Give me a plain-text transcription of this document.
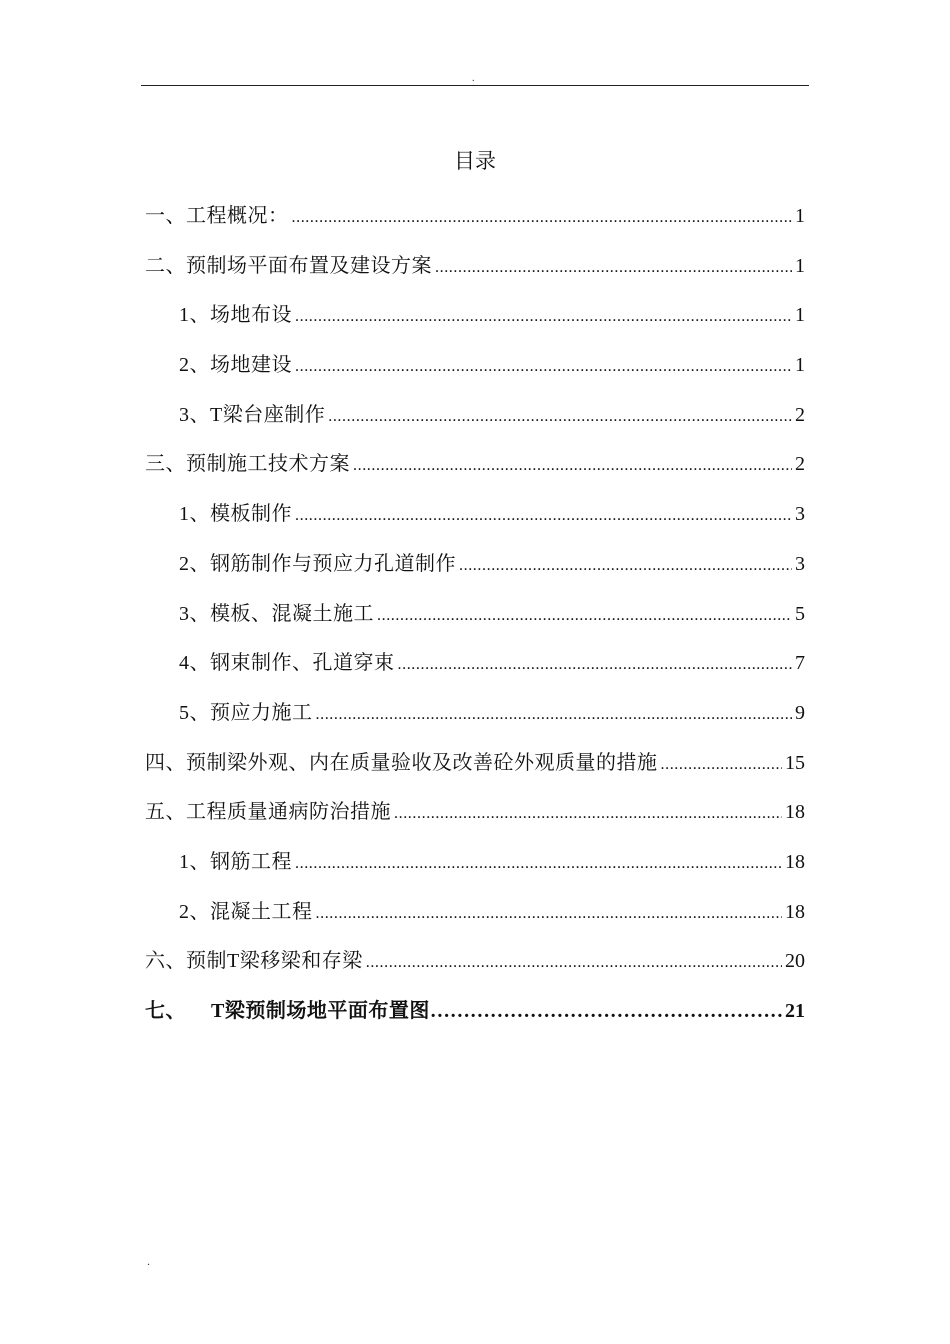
.
目录
一、工程概况： .....	1
二、预制场平面布置及建设方案 .....	1
1、场地布设 .....	1
2、场地建设 .....	1
3、T梁台座制作 .....	2
三、预制施工技术方案 .....	2
1、模板制作 .....	3
2、钢筋制作与预应力孔道制作 .....	3
3、模板、混凝土施工 .....	5
4、钢束制作、孔道穿束 .....	7
5、预应力施工 .....	9
四、预制梁外观、内在质量验收及改善砼外观质量的措施 .....	15
五、工程质量通病防治措施 .....	18
1、钢筋工程 .....	18
2、混凝土工程 .....	18
六、预制T梁移梁和存梁 .....	20
七、 T梁预制场地平面布置图 ………………………………………………………………	21
.
